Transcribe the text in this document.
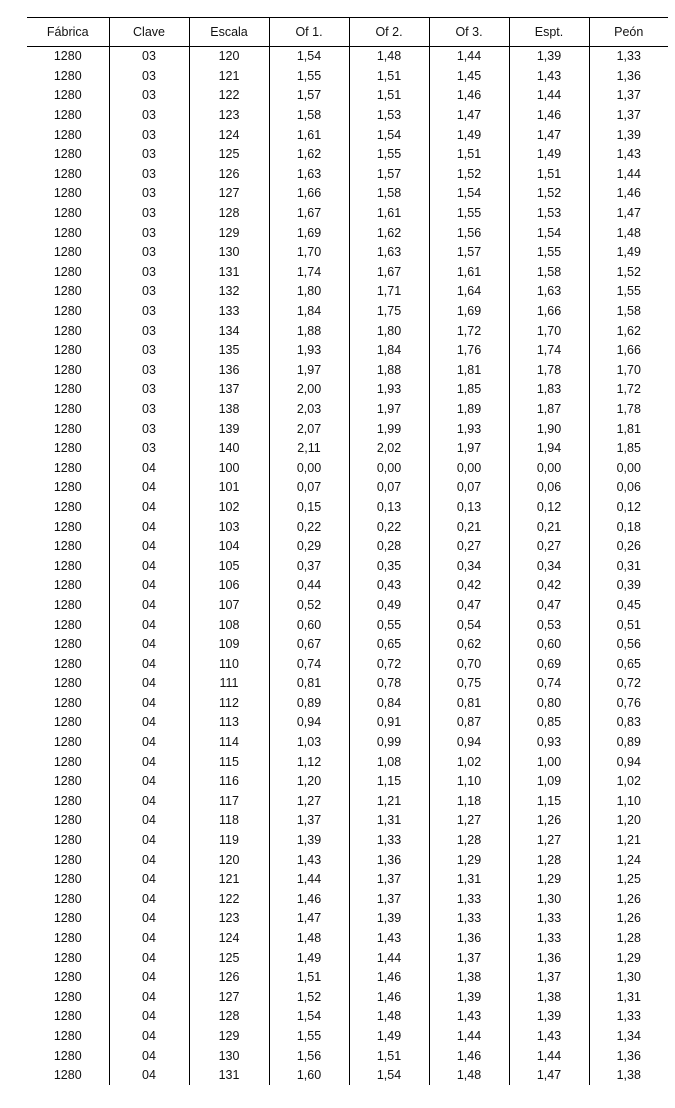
Fábrica	Clave	Escala	Of 1.	Of 2.	Of 3.	Espt.	Peón
1280	03	120	1,54	1,48	1,44	1,39	1,33
1280	03	121	1,55	1,51	1,45	1,43	1,36
1280	03	122	1,57	1,51	1,46	1,44	1,37
1280	03	123	1,58	1,53	1,47	1,46	1,37
1280	03	124	1,61	1,54	1,49	1,47	1,39
1280	03	125	1,62	1,55	1,51	1,49	1,43
1280	03	126	1,63	1,57	1,52	1,51	1,44
1280	03	127	1,66	1,58	1,54	1,52	1,46
1280	03	128	1,67	1,61	1,55	1,53	1,47
1280	03	129	1,69	1,62	1,56	1,54	1,48
1280	03	130	1,70	1,63	1,57	1,55	1,49
1280	03	131	1,74	1,67	1,61	1,58	1,52
1280	03	132	1,80	1,71	1,64	1,63	1,55
1280	03	133	1,84	1,75	1,69	1,66	1,58
1280	03	134	1,88	1,80	1,72	1,70	1,62
1280	03	135	1,93	1,84	1,76	1,74	1,66
1280	03	136	1,97	1,88	1,81	1,78	1,70
1280	03	137	2,00	1,93	1,85	1,83	1,72
1280	03	138	2,03	1,97	1,89	1,87	1,78
1280	03	139	2,07	1,99	1,93	1,90	1,81
1280	03	140	2,11	2,02	1,97	1,94	1,85
1280	04	100	0,00	0,00	0,00	0,00	0,00
1280	04	101	0,07	0,07	0,07	0,06	0,06
1280	04	102	0,15	0,13	0,13	0,12	0,12
1280	04	103	0,22	0,22	0,21	0,21	0,18
1280	04	104	0,29	0,28	0,27	0,27	0,26
1280	04	105	0,37	0,35	0,34	0,34	0,31
1280	04	106	0,44	0,43	0,42	0,42	0,39
1280	04	107	0,52	0,49	0,47	0,47	0,45
1280	04	108	0,60	0,55	0,54	0,53	0,51
1280	04	109	0,67	0,65	0,62	0,60	0,56
1280	04	110	0,74	0,72	0,70	0,69	0,65
1280	04	111	0,81	0,78	0,75	0,74	0,72
1280	04	112	0,89	0,84	0,81	0,80	0,76
1280	04	113	0,94	0,91	0,87	0,85	0,83
1280	04	114	1,03	0,99	0,94	0,93	0,89
1280	04	115	1,12	1,08	1,02	1,00	0,94
1280	04	116	1,20	1,15	1,10	1,09	1,02
1280	04	117	1,27	1,21	1,18	1,15	1,10
1280	04	118	1,37	1,31	1,27	1,26	1,20
1280	04	119	1,39	1,33	1,28	1,27	1,21
1280	04	120	1,43	1,36	1,29	1,28	1,24
1280	04	121	1,44	1,37	1,31	1,29	1,25
1280	04	122	1,46	1,37	1,33	1,30	1,26
1280	04	123	1,47	1,39	1,33	1,33	1,26
1280	04	124	1,48	1,43	1,36	1,33	1,28
1280	04	125	1,49	1,44	1,37	1,36	1,29
1280	04	126	1,51	1,46	1,38	1,37	1,30
1280	04	127	1,52	1,46	1,39	1,38	1,31
1280	04	128	1,54	1,48	1,43	1,39	1,33
1280	04	129	1,55	1,49	1,44	1,43	1,34
1280	04	130	1,56	1,51	1,46	1,44	1,36
1280	04	131	1,60	1,54	1,48	1,47	1,38
